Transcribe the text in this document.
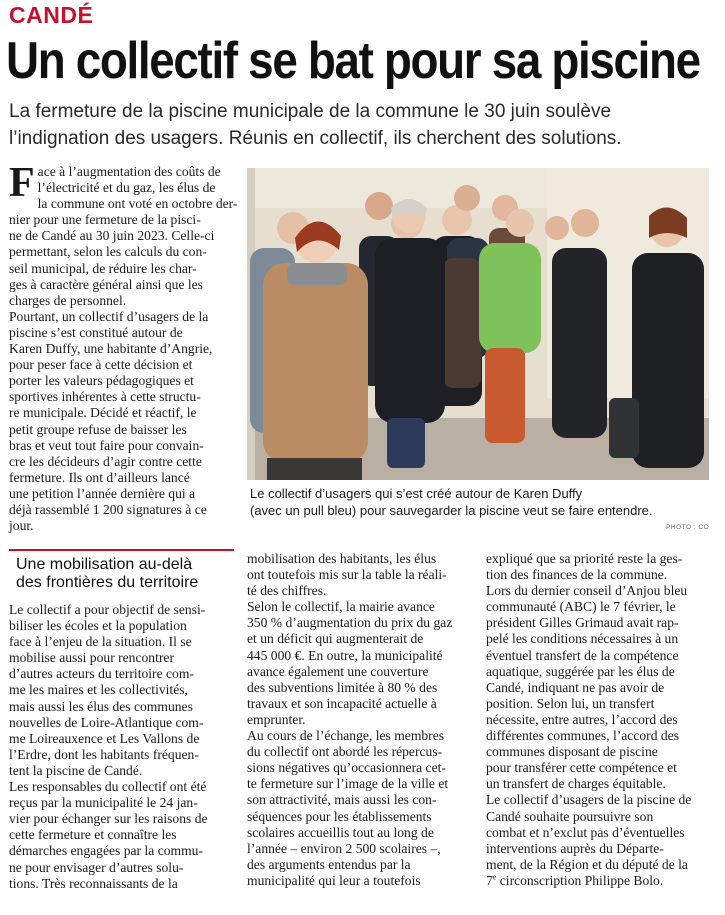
CANDÉ
Un collectif se bat pour sa piscine
La fermeture de la piscine municipale de la commune le 30 juin soulève
l’indignation des usagers. Réunis en collectif, ils cherchent des solutions.

F ace à l’augmentation des coûts de
l’électricité et du gaz, les élus de
la commune ont voté en octobre der-
nier pour une fermeture de la pisci-
ne de Candé au 30 juin 2023. Celle-ci
permettant, selon les calculs du con-
seil municipal, de réduire les char-
ges à caractère général ainsi que les
charges de personnel.

Pourtant, un collectif d’usagers de la
piscine s’est constitué autour de
Karen Duffy, une habitante d’Angrie,
pour peser face à cette décision et
porter les valeurs pédagogiques et
sportives inhérentes à cette structu-
re municipale. Décidé et réactif, le
petit groupe refuse de baisser les
bras et veut tout faire pour convain-
cre les décideurs d’agir contre cette
fermeture. Ils ont d’ailleurs lancé
une petition l’année dernière qui a
déjà rassemblé 1 200 signatures à ce
jour.

Une mobilisation au-delà
des frontières du territoire

Le collectif a pour objectif de sensi-
biliser les écoles et la population
face à l’enjeu de la situation. Il se
mobilise aussi pour rencontrer
d’autres acteurs du territoire com-
me les maires et les collectivités,
mais aussi les élus des communes
nouvelles de Loire-Atlantique com-
me Loireauxence et Les Vallons de
l’Erdre, dont les habitants fréquen-
tent la piscine de Candé.

Les responsables du collectif ont été
reçus par la municipalité le 24 jan-
vier pour échanger sur les raisons de
cette fermeture et connaître les
démarches engagées par la commu-
ne pour envisager d’autres solu-
tions. Très reconnaissants de la

Le collectif d’usagers qui s’est créé autour de Karen Duffy
(avec un pull bleu) pour sauvegarder la piscine veut se faire entendre.
PHOTO : CO

mobilisation des habitants, les élus
ont toutefois mis sur la table la réali-
té des chiffres.

Selon le collectif, la mairie avance
350 % d’augmentation du prix du gaz
et un déficit qui augmenterait de
445 000 €. En outre, la municipalité
avance également une couverture
des subventions limitée à 80 % des
travaux et son incapacité actuelle à
emprunter.

Au cours de l’échange, les membres
du collectif ont abordé les répercus-
sions négatives qu’occasionnera cet-
te fermeture sur l’image de la ville et
son attractivité, mais aussi les con-
séquences pour les établissements
scolaires accueillis tout au long de
l’année – environ 2 500 scolaires –,
des arguments entendus par la
municipalité qui leur a toutefois

expliqué que sa priorité reste la ges-
tion des finances de la commune.

Lors du dernier conseil d’Anjou bleu
communauté (ABC) le 7 février, le
président Gilles Grimaud avait rap-
pelé les conditions nécessaires à un
éventuel transfert de la compétence
aquatique, suggérée par les élus de
Candé, indiquant ne pas avoir de
position. Selon lui, un transfert
nécessite, entre autres, l’accord des
différentes communes, l’accord des
communes disposant de piscine
pour transférer cette compétence et
un transfert de charges équitable.

Le collectif d’usagers de la piscine de
Candé souhaite poursuivre son
combat et n’exclut pas d’éventuelles
interventions auprès du Départe-
ment, de la Région et du député de la
7e circonscription Philippe Bolo.
